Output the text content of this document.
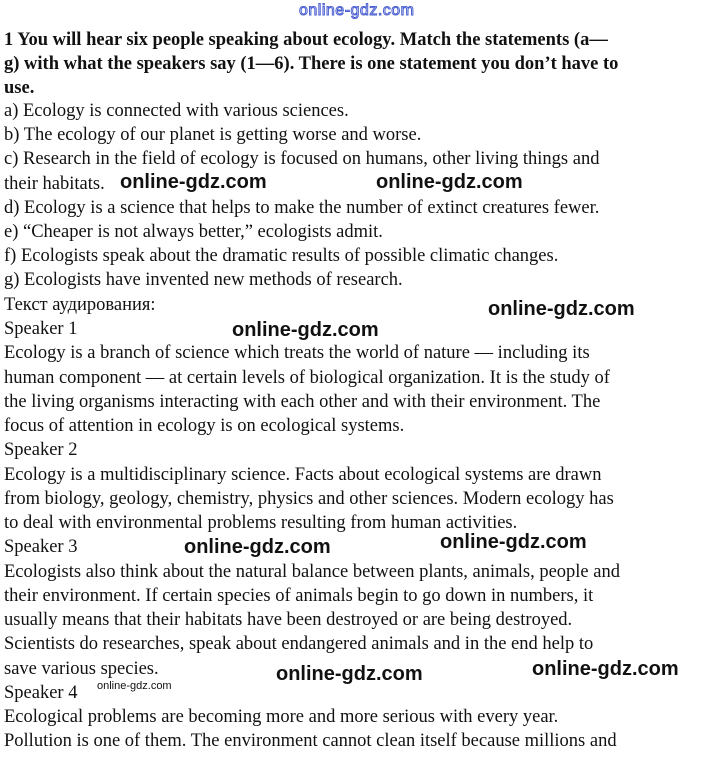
online-gdz.com

1 You will hear six people speaking about ecology. Match the statements (a—

g) with what the speakers say (1—6). There is one statement you don’t have to

use.

a) Ecology is connected with various sciences.

b) The ecology of our planet is getting worse and worse.

c) Research in the field of ecology is focused on humans, other living things and

their habitats.

d) Ecology is a science that helps to make the number of extinct creatures fewer.

e) “Cheaper is not always better,” ecologists admit.

f) Ecologists speak about the dramatic results of possible climatic changes.

g) Ecologists have invented new methods of research.

Текст аудирования:

Speaker 1

Ecology is a branch of science which treats the world of nature — including its

human component — at certain levels of biological organization. It is the study of

the living organisms interacting with each other and with their environment. The

focus of attention in ecology is on ecological systems.

Speaker 2

Ecology is a multidisciplinary science. Facts about ecological systems are drawn

from biology, geology, chemistry, physics and other sciences. Modern ecology has

to deal with environmental problems resulting from human activities.

Speaker 3

Ecologists also think about the natural balance between plants, animals, people and

their environment. If certain species of animals begin to go down in numbers, it

usually means that their habitats have been destroyed or are being destroyed.

Scientists do researches, speak about endangered animals and in the end help to

save various species.

Speaker 4

Ecological problems are becoming more and more serious with every year.

Pollution is one of them. The environment cannot clean itself because millions and

online-gdz.com	online-gdz.com
online-gdz.com
online-gdz.com
online-gdz.com
online-gdz.com
online-gdz.com
online-gdz.com
online-gdz.com
